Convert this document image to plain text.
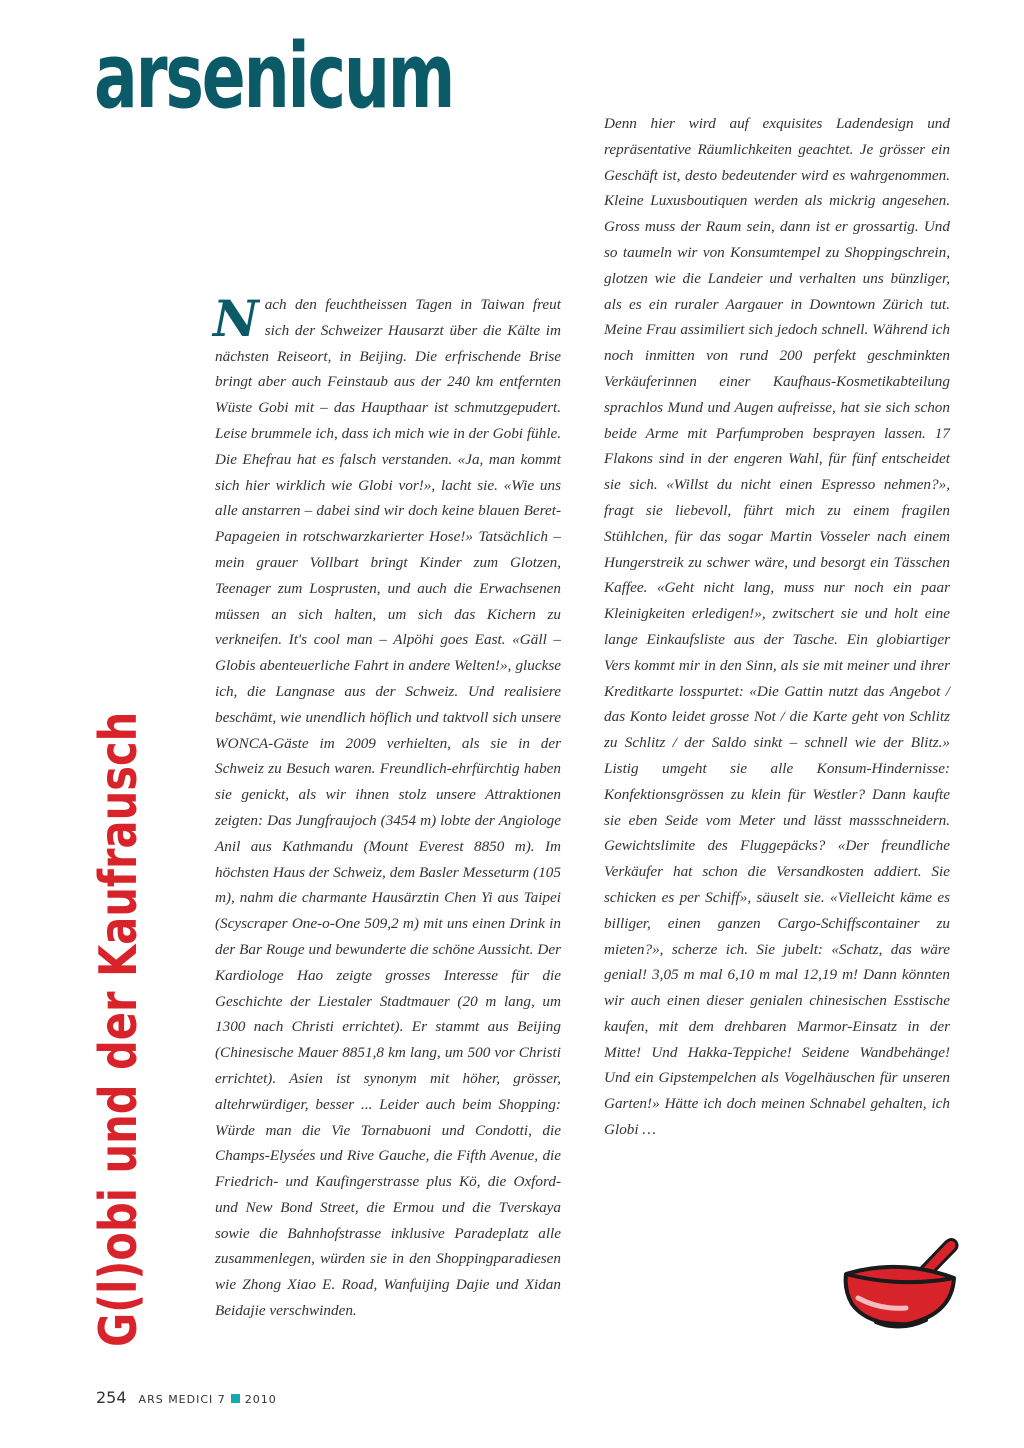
arsenicum
G(l)obi und der Kaufrausch
Nach den feuchtheissen Tagen in Taiwan freut sich der Schweizer Hausarzt über die Kälte im nächsten Reiseort, in Beijing. Die erfrischende Brise bringt aber auch Feinstaub aus der 240 km entfernten Wüste Gobi mit – das Haupthaar ist schmutzgepudert. Leise brummele ich, dass ich mich wie in der Gobi fühle. Die Ehefrau hat es falsch verstanden. «Ja, man kommt sich hier wirklich wie Globi vor!», lacht sie. «Wie uns alle anstarren – dabei sind wir doch keine blauen Beret-Papageien in rotschwarzkarierter Hose!» Tatsächlich – mein grauer Vollbart bringt Kinder zum Glotzen, Teenager zum Losprusten, und auch die Erwachsenen müssen an sich halten, um sich das Kichern zu verkneifen. It's cool man – Alpöhi goes East. «Gäll – Globis abenteuerliche Fahrt in andere Welten!», gluckse ich, die Langnase aus der Schweiz. Und realisiere beschämt, wie unendlich höflich und taktvoll sich unsere WONCA-Gäste im 2009 verhielten, als sie in der Schweiz zu Besuch waren. Freundlich-ehrfürchtig haben sie genickt, als wir ihnen stolz unsere Attraktionen zeigten: Das Jungfraujoch (3454 m) lobte der Angiologe Anil aus Kathmandu (Mount Everest 8850 m). Im höchsten Haus der Schweiz, dem Basler Messeturm (105 m), nahm die charmante Hausärztin Chen Yi aus Taipei (Scyscraper One-o-One 509,2 m) mit uns einen Drink in der Bar Rouge und bewunderte die schöne Aussicht. Der Kardiologe Hao zeigte grosses Interesse für die Geschichte der Liestaler Stadtmauer (20 m lang, um 1300 nach Christi errichtet). Er stammt aus Beijing (Chinesische Mauer 8851,8 km lang, um 500 vor Christi errichtet). Asien ist synonym mit höher, grösser, altehrwürdiger, besser ... Leider auch beim Shopping: Würde man die Vie Tornabuoni und Condotti, die Champs-Elysées und Rive Gauche, die Fifth Avenue, die Friedrich- und Kaufingerstrasse plus Kö, die Oxford- und New Bond Street, die Ermou und die Tverskaya sowie die Bahnhofstrasse inklusive Paradeplatz alle zusammenlegen, würden sie in den Shoppingparadiesen wie Zhong Xiao E. Road, Wanfuijing Dajie und Xidan Beidajie verschwinden.
Denn hier wird auf exquisites Ladendesign und repräsentative Räumlichkeiten geachtet. Je grösser ein Geschäft ist, desto bedeutender wird es wahrgenommen. Kleine Luxusboutiquen werden als mickrig angesehen. Gross muss der Raum sein, dann ist er grossartig. Und so taumeln wir von Konsumtempel zu Shoppingschrein, glotzen wie die Landeier und verhalten uns bünzliger, als es ein ruraler Aargauer in Downtown Zürich tut. Meine Frau assimiliert sich jedoch schnell. Während ich noch inmitten von rund 200 perfekt geschminkten Verkäuferinnen einer Kaufhaus-Kosmetikabteilung sprachlos Mund und Augen aufreisse, hat sie sich schon beide Arme mit Parfumproben besprayen lassen. 17 Flakons sind in der engeren Wahl, für fünf entscheidet sie sich. «Willst du nicht einen Espresso nehmen?», fragt sie liebevoll, führt mich zu einem fragilen Stühlchen, für das sogar Martin Vosseler nach einem Hungerstreik zu schwer wäre, und besorgt ein Tässchen Kaffee. «Geht nicht lang, muss nur noch ein paar Kleinigkeiten erledigen!», zwitschert sie und holt eine lange Einkaufsliste aus der Tasche. Ein globiartiger Vers kommt mir in den Sinn, als sie mit meiner und ihrer Kreditkarte losspurtet: «Die Gattin nutzt das Angebot / das Konto leidet grosse Not / die Karte geht von Schlitz zu Schlitz / der Saldo sinkt – schnell wie der Blitz.» Listig umgeht sie alle Konsum-Hindernisse: Konfektionsgrössen zu klein für Westler? Dann kaufte sie eben Seide vom Meter und lässt massschneidern. Gewichtslimite des Fluggepäcks? «Der freundliche Verkäufer hat schon die Versandkosten addiert. Sie schicken es per Schiff», säuselt sie. «Vielleicht käme es billiger, einen ganzen Cargo-Schiffscontainer zu mieten?», scherze ich. Sie jubelt: «Schatz, das wäre genial! 3,05 m mal 6,10 m mal 12,19 m! Dann könnten wir auch einen dieser genialen chinesischen Esstische kaufen, mit dem drehbaren Marmor-Einsatz in der Mitte! Und Hakka-Teppiche! Seidene Wandbehänge! Und ein Gipstempelchen als Vogelhäuschen für unseren Garten!» Hätte ich doch meinen Schnabel gehalten, ich Globi …
254 ARS MEDICI 7 2010
